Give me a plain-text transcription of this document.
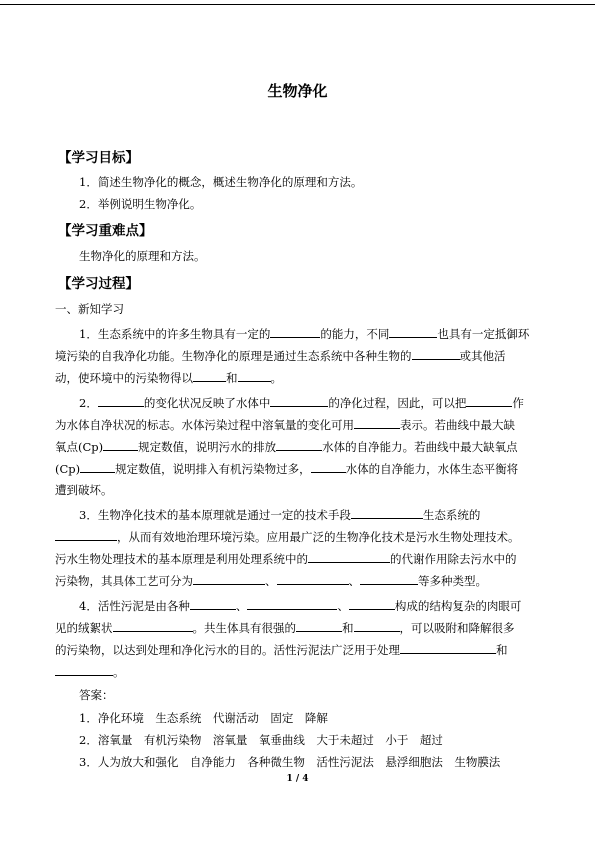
生物净化
【学习目标】
1．简述生物净化的概念，概述生物净化的原理和方法。
2．举例说明生物净化。
【学习重难点】
生物净化的原理和方法。
【学习过程】
一、新知学习
1．生态系统中的许多生物具有一定的	的能力，不同	也具有一定抵御环
境污染的自我净化功能。生物净化的原理是通过生态系统中各种生物的	或其他活
动，使环境中的污染物得以	和	。
2．	的变化状况反映了水体中	的净化过程，因此，可以把	作
为水体自净状况的标志。水体污染过程中溶氧量的变化可用	表示。若曲线中最大缺
氧点(Cp)	规定数值，说明污水的排放	水体的自净能力。若曲线中最大缺氧点
(Cp)	规定数值，说明排入有机污染物过多，	水体的自净能力，水体生态平衡将
遭到破坏。
3．生物净化技术的基本原理就是通过一定的技术手段	生态系统的
，从而有效地治理环境污染。应用最广泛的生物净化技术是污水生物处理技术。
污水生物处理技术的基本原理是利用处理系统中的	的代谢作用除去污水中的
污染物，其具体工艺可分为	、	、	等多种类型。
4．活性污泥是由各种	、	、	构成的结构复杂的肉眼可
见的绒絮状	。共生体具有很强的	和	，可以吸附和降解很多
的污染物，以达到处理和净化污水的目的。活性污泥法广泛用于处理	和
。
答案：
1．净化环境　生态系统　代谢活动　固定　降解
2．溶氧量　有机污染物　溶氧量　氧垂曲线　大于未超过　小于　超过
3．人为放大和强化　自净能力　各种微生物　活性污泥法　悬浮细胞法　生物膜法
1 / 4
